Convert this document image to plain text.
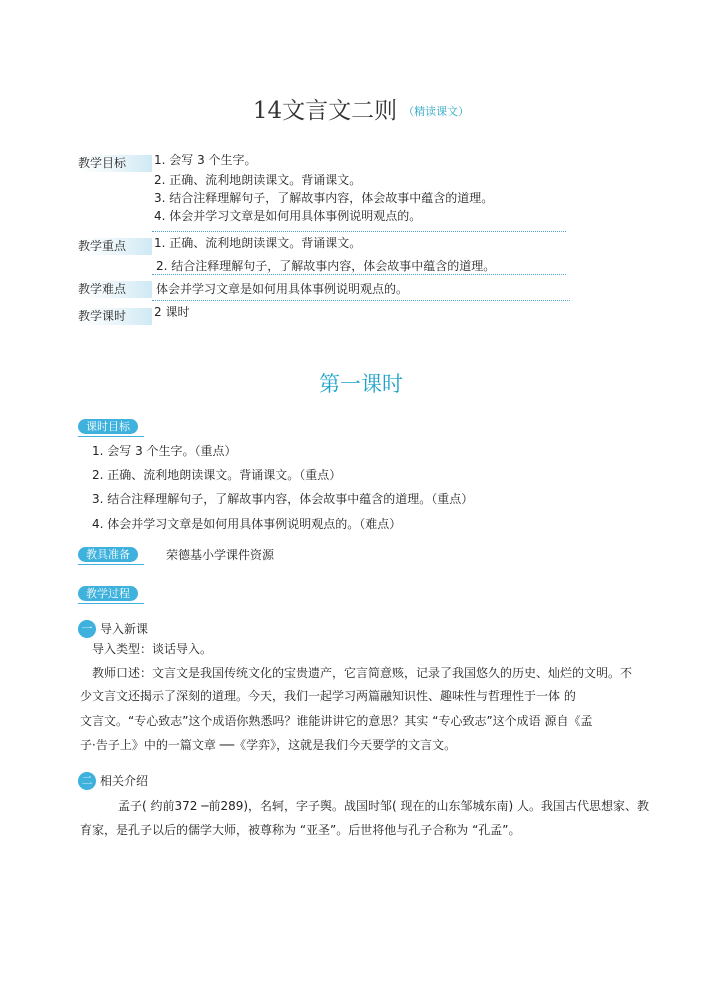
14文言文二则 $^{(精读课文)}$
教学目标	1. 会写 3 个生字。
2. 正确、流利地朗读课文。背诵课文。
3. 结合注释理解句子，了解故事内容，体会故事中蕴含的道理。
4. 体会并学习文章是如何用具体事例说明观点的。
教学重点	1. 正确、流利地朗读课文。背诵课文。
2. 结合注释理解句子，了解故事内容，体会故事中蕴含的道理。
教学难点	体会并学习文章是如何用具体事例说明观点的。
教学课时	2 课时
第一课时
课时目标
1. 会写 3 个生字。（重点）
2. 正确、流利地朗读课文。背诵课文。（重点）
3. 结合注释理解句子，了解故事内容，体会故事中蕴含的道理。（重点）
4. 体会并学习文章是如何用具体事例说明观点的。（难点）
教具准备	荣德基小学课件资源
教学过程
一 导入新课
导入类型：谈话导入。
教师口述：文言文是我国传统文化的宝贵遗产，它言简意赅，记录了我国悠久的历史、灿烂的文明。不
少文言文还揭示了深刻的道理。今天，我们一起学习两篇融知识性、趣味性与哲理性于一体 的
文言文。“专心致志”这个成语你熟悉吗？谁能讲讲它的意思？其实 “专心致志”这个成语 源自《孟
子·告子上》中的一篇文章 ──《学弈》，这就是我们今天要学的文言文。
二 相关介绍
孟子( 约前372 ─前289)，名轲，字子舆。战国时邹( 现在的山东邹城东南) 人。我国古代思想家、教
育家，是孔子以后的儒学大师，被尊称为 “亚圣”。后世将他与孔子合称为 “孔孟”。
